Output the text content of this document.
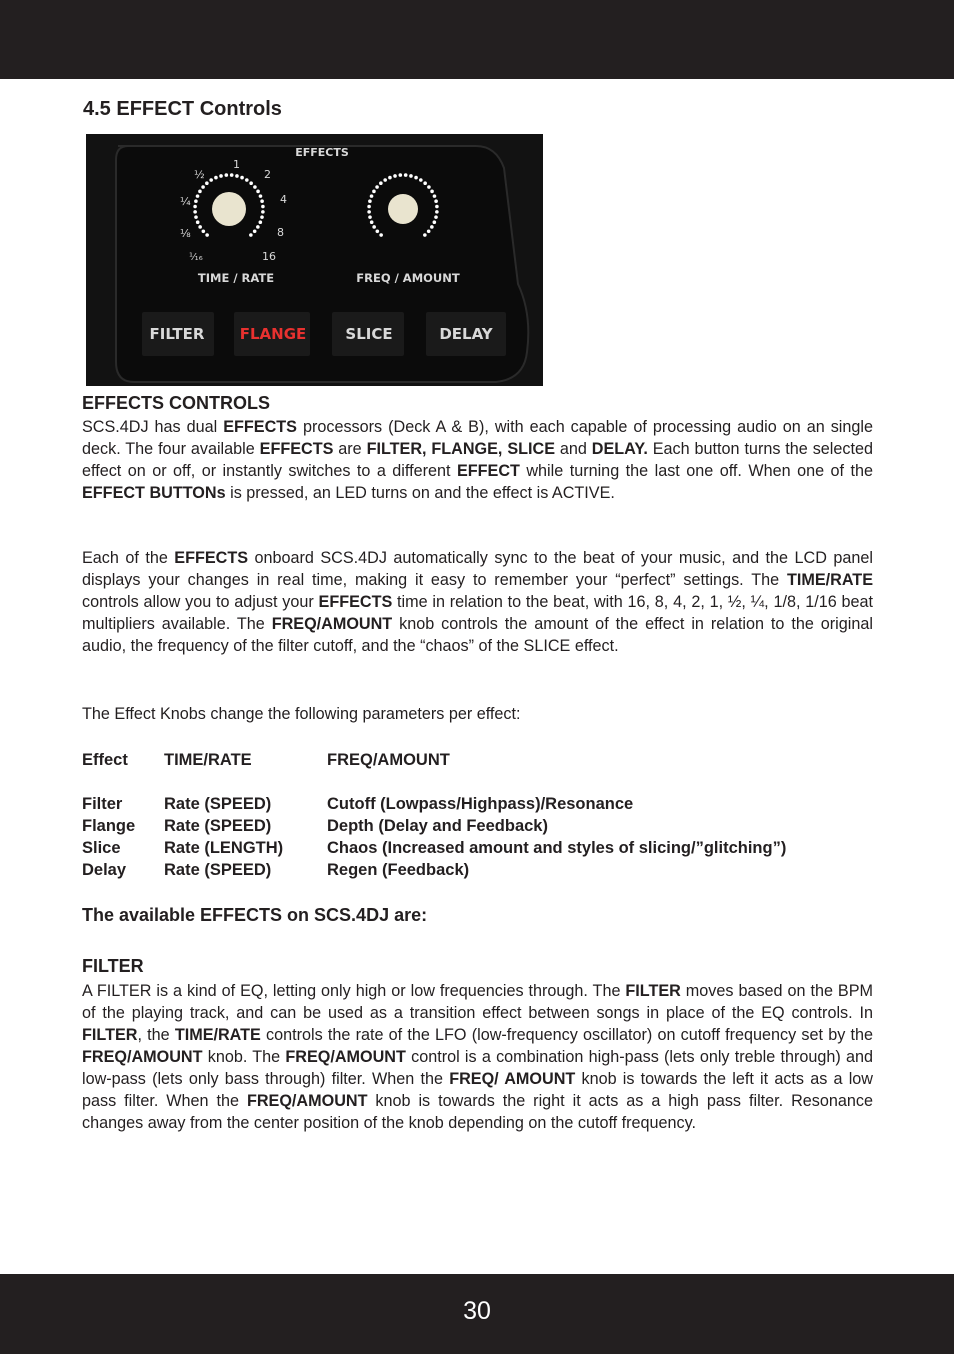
4.5 EFFECT Controls
EFFECTS
¹⁄₁₆
⅛
¼
½
1
2
4
8
16
TIME / RATE	FREQ / AMOUNT
FILTER FLANGE	SLICE	DELAY
EFFECTS CONTROLS

SCS.4DJ has dual EFFECTS processors (Deck A & B), with each capable of processing audio on an single deck. The four available EFFECTS are FILTER, FLANGE, SLICE and DELAY. Each button turns the selected effect on or off, or instantly switches to a different EFFECT while turning the last one off. When one of the EFFECT BUTTONs is pressed, an LED turns on and the effect is ACTIVE.

Each of the EFFECTS onboard SCS.4DJ automatically sync to the beat of your music, and the LCD panel displays your changes in real time, making it easy to remember your “perfect” settings. The TIME/RATE controls allow you to adjust your EFFECTS time in relation to the beat, with 16, 8, 4, 2, 1, ½, ¼, 1/8, 1/16 beat multipliers available. The FREQ/AMOUNT knob controls the amount of the effect in relation to the original audio, the frequency of the filter cutoff, and the “chaos” of the SLICE effect.

The Effect Knobs change the following parameters per effect:

Effect TIME/RATE	FREQ/AMOUNT
Filter	Rate (SPEED)	Cutoff (Lowpass/Highpass)/Resonance
Flange Rate (SPEED)	Depth (Delay and Feedback)
Slice	Rate (LENGTH)	Chaos (Increased amount and styles of slicing/”glitching”)
Delay Rate (SPEED)	Regen (Feedback)
The available EFFECTS on SCS.4DJ are:
FILTER

A FILTER is a kind of EQ, letting only high or low frequencies through. The FILTER moves based on the BPM of the playing track, and can be used as a transition effect between songs in place of the EQ controls. In FILTER, the TIME/RATE controls the rate of the LFO (low-frequency oscillator) on cutoff frequency set by the FREQ/AMOUNT knob. The FREQ/AMOUNT control is a combination high-pass (lets only treble through) and low-pass (lets only bass through) filter. When the FREQ/ AMOUNT knob is towards the left it acts as a low pass filter. When the FREQ/AMOUNT knob is towards the right it acts as a high pass filter. Resonance changes away from the center position of the knob depending on the cutoff frequency.

30
